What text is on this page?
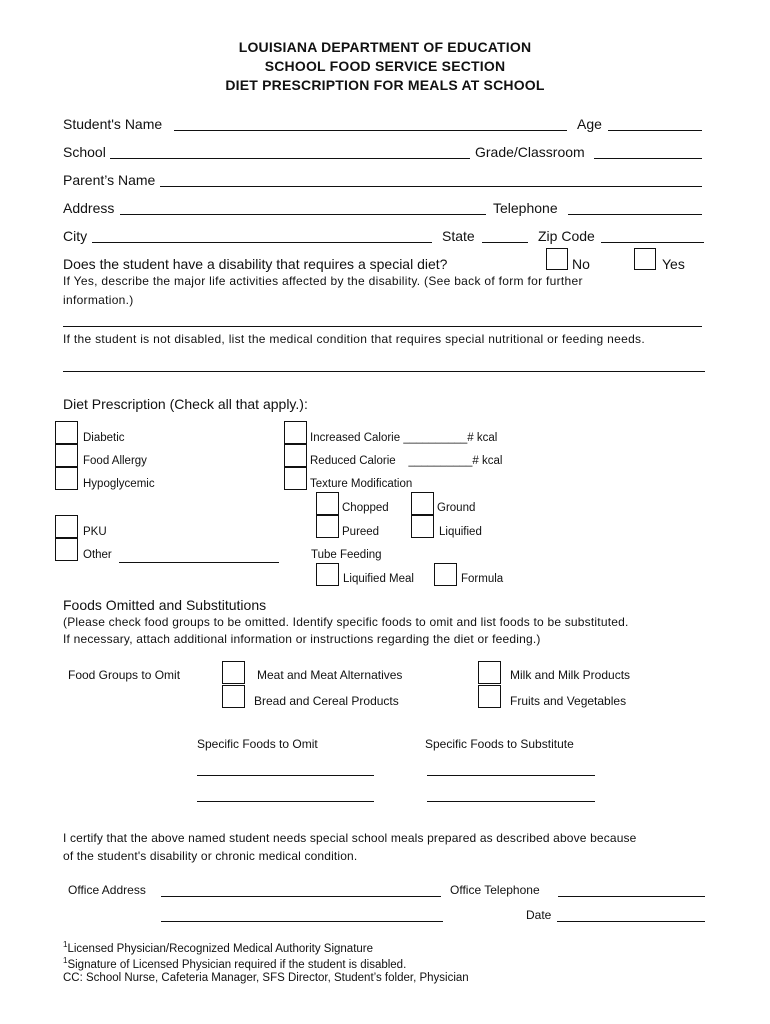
LOUISIANA DEPARTMENT OF EDUCATION
SCHOOL FOOD SERVICE SECTION
DIET PRESCRIPTION FOR MEALS AT SCHOOL
Student's Name	Age
School	Grade/Classroom
Parent’s Name
Address	Telephone
City	State	Zip Code
Does the student have a disability that requires a special diet?	No	Yes
If Yes, describe the major life activities affected by the disability. (See back of form for further
information.)
If the student is not disabled, list the medical condition that requires special nutritional or feeding needs.
Diet Prescription (Check all that apply.):
Diabetic
Food Allergy
Hypoglycemic
PKU
Other
Increased Calorie __________# kcal
Reduced Calorie    __________# kcal
Texture Modification
Chopped	Ground
Pureed	Liquified
Tube Feeding
Liquified Meal	Formula
Foods Omitted and Substitutions
(Please check food groups to be omitted. Identify specific foods to omit and list foods to be substituted.
If necessary, attach additional information or instructions regarding the diet or feeding.)
Food Groups to Omit	Meat and Meat Alternatives	Milk and Milk Products
Bread and Cereal Products	Fruits and Vegetables
Specific Foods to Omit	Specific Foods to Substitute
I certify that the above named student needs special school meals prepared as described above because
of the student's disability or chronic medical condition.
Office Address	Office Telephone
Date
$^1$Licensed Physician/Recognized Medical Authority Signature
$^1$Signature of Licensed Physician required if the student is disabled.
CC: School Nurse, Cafeteria Manager, SFS Director, Student’s folder, Physician
